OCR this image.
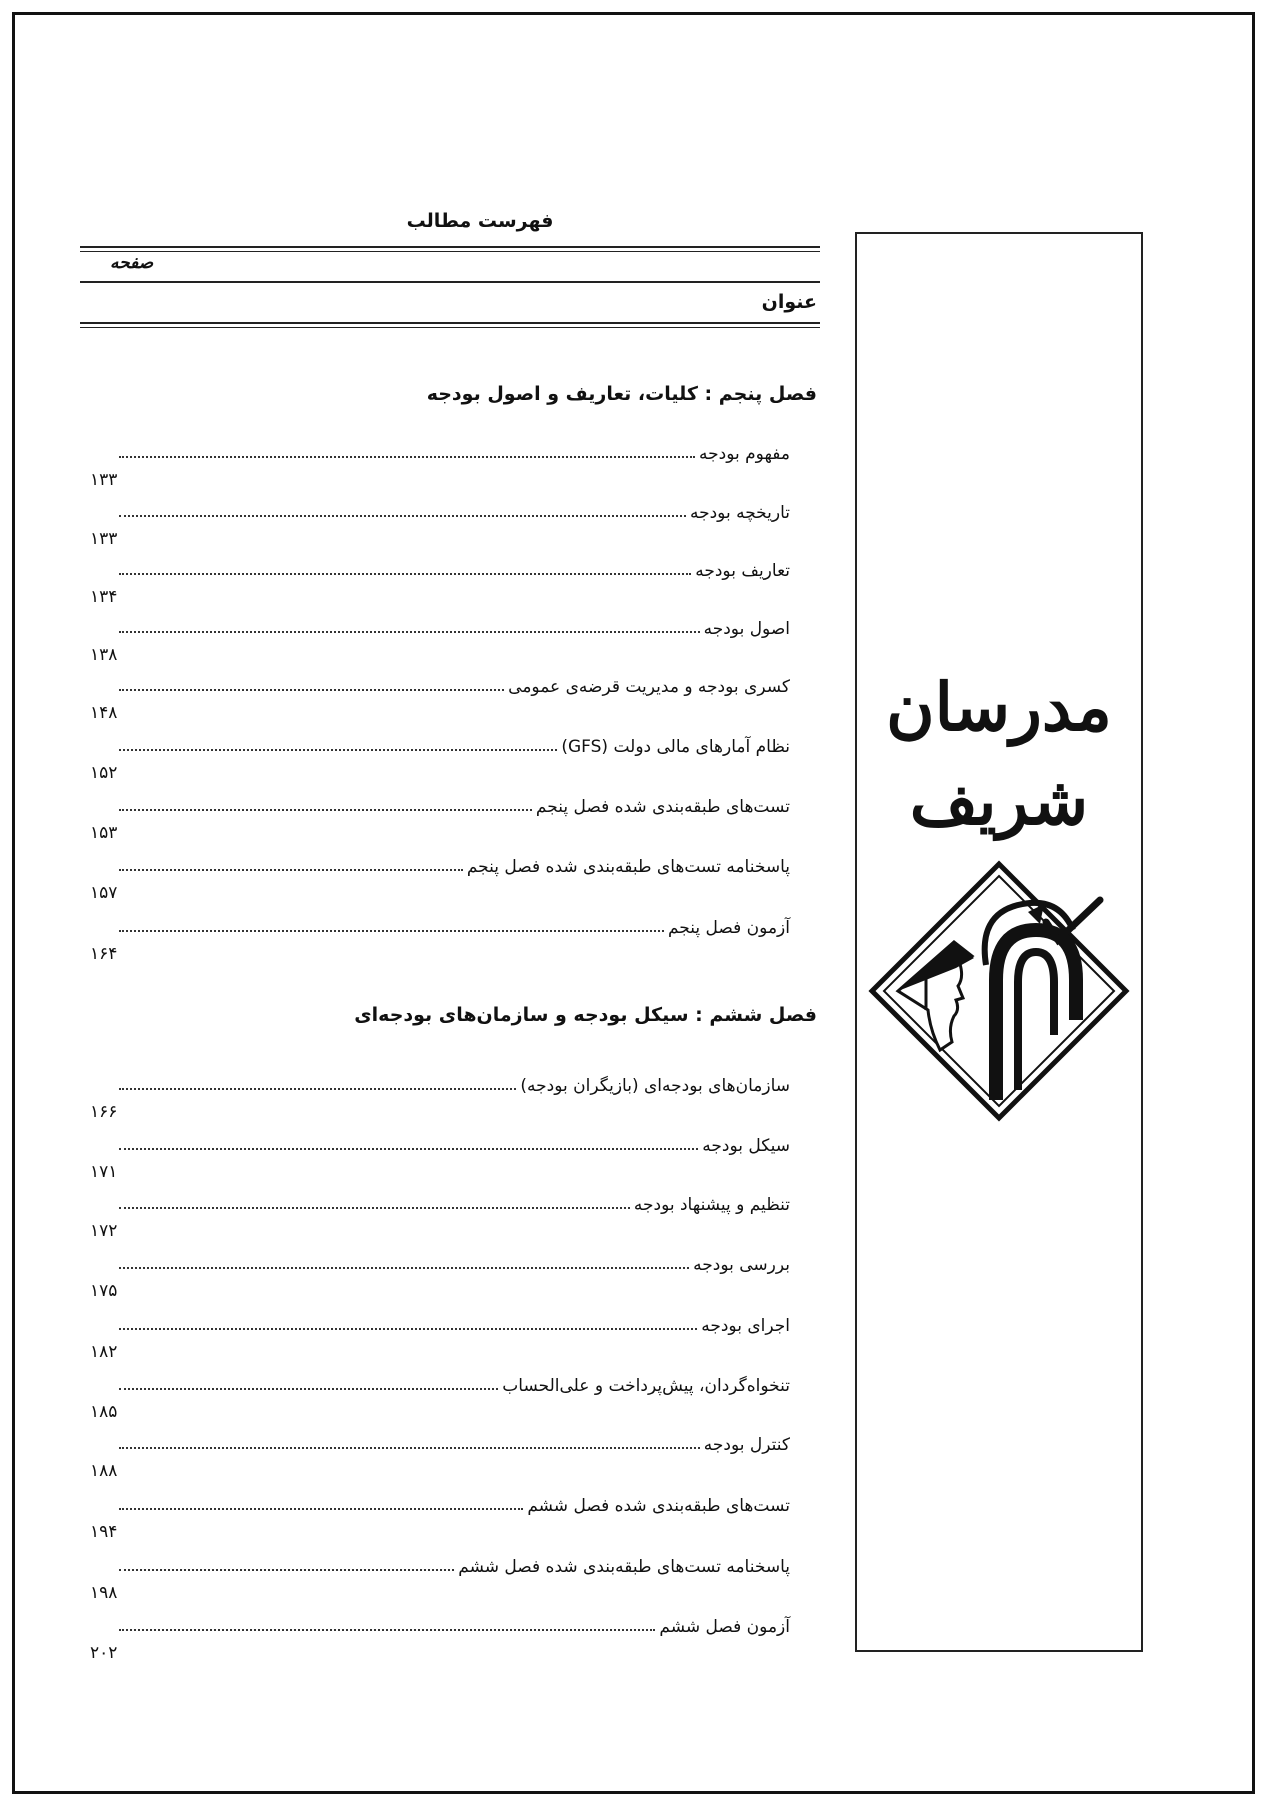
فهرست مطالب
صفحه
عنوان
فصل پنجم : کلیات، تعاریف و اصول بودجه
مفهوم بودجه
۱۳۳
تاریخچه بودجه
۱۳۳
تعاریف بودجه
۱۳۴
اصول بودجه
۱۳۸
کسری بودجه و مدیریت قرضه‌ی عمومی
۱۴۸
نظام آمارهای مالی دولت (GFS)
۱۵۲
تست‌های طبقه‌بندی شده فصل پنجم
۱۵۳
پاسخنامه تست‌های طبقه‌بندی شده فصل پنجم
۱۵۷
آزمون فصل پنجم
۱۶۴
فصل ششم : سیکل بودجه و سازمان‌های بودجه‌ای
سازمان‌های بودجه‌ای (بازیگران بودجه)
۱۶۶
سیکل بودجه
۱۷۱
تنظیم و پیشنهاد بودجه
۱۷۲
بررسی بودجه
۱۷۵
اجرای بودجه
۱۸۲
تنخواه‌گردان، پیش‌پرداخت و علی‌الحساب
۱۸۵
کنترل بودجه
۱۸۸
تست‌های طبقه‌بندی شده فصل ششم
۱۹۴
پاسخنامه تست‌های طبقه‌بندی شده فصل ششم
۱۹۸
آزمون فصل ششم
۲۰۲
مدرسان
شریف
